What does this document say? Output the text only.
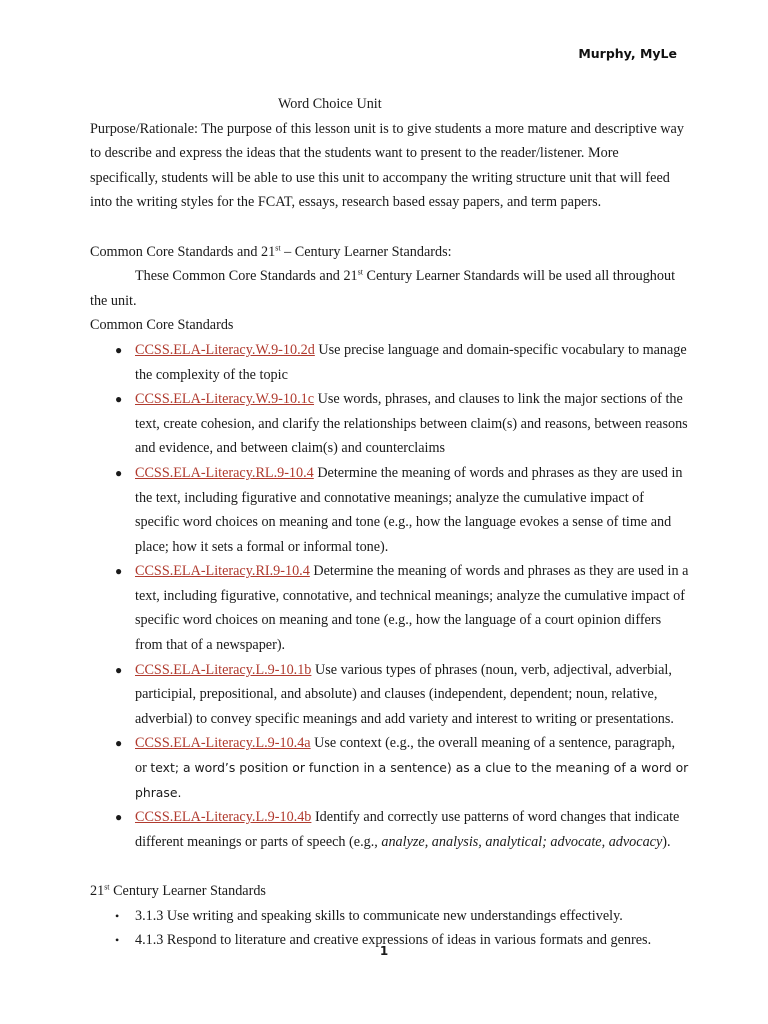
Murphy, MyLe

Word Choice Unit

Purpose/Rationale: The purpose of this lesson unit is to give students a more mature and descriptive way to describe and express the ideas that the students want to present to the reader/listener. More specifically, students will be able to use this unit to accompany the writing structure unit that will feed into the writing styles for the FCAT, essays, research based essay papers, and term papers.

Common Core Standards and 21st – Century Learner Standards:

These Common Core Standards and 21st Century Learner Standards will be used all throughout the unit.

Common Core Standards

● CCSS.ELA-Literacy.W.9-10.2d Use precise language and domain-specific vocabulary to manage the complexity of the topic
● CCSS.ELA-Literacy.W.9-10.1c Use words, phrases, and clauses to link the major sections of the text, create cohesion, and clarify the relationships between claim(s) and reasons, between reasons and evidence, and between claim(s) and counterclaims
● CCSS.ELA-Literacy.RL.9-10.4 Determine the meaning of words and phrases as they are used in the text, including figurative and connotative meanings; analyze the cumulative impact of specific word choices on meaning and tone (e.g., how the language evokes a sense of time and place; how it sets a formal or informal tone).
● CCSS.ELA-Literacy.RI.9-10.4 Determine the meaning of words and phrases as they are used in a text, including figurative, connotative, and technical meanings; analyze the cumulative impact of specific word choices on meaning and tone (e.g., how the language of a court opinion differs from that of a newspaper).
● CCSS.ELA-Literacy.L.9-10.1b Use various types of phrases (noun, verb, adjectival, adverbial, participial, prepositional, and absolute) and clauses (independent, dependent; noun, relative, adverbial) to convey specific meanings and add variety and interest to writing or presentations.
● CCSS.ELA-Literacy.L.9-10.4a Use context (e.g., the overall meaning of a sentence, paragraph, or text; a word’s position or function in a sentence) as a clue to the meaning of a word or phrase.
● CCSS.ELA-Literacy.L.9-10.4b Identify and correctly use patterns of word changes that indicate different meanings or parts of speech (e.g., analyze, analysis, analytical; advocate, advocacy).

21st Century Learner Standards

• 3.1.3 Use writing and speaking skills to communicate new understandings effectively.
• 4.1.3 Respond to literature and creative expressions of ideas in various formats and genres.
1
